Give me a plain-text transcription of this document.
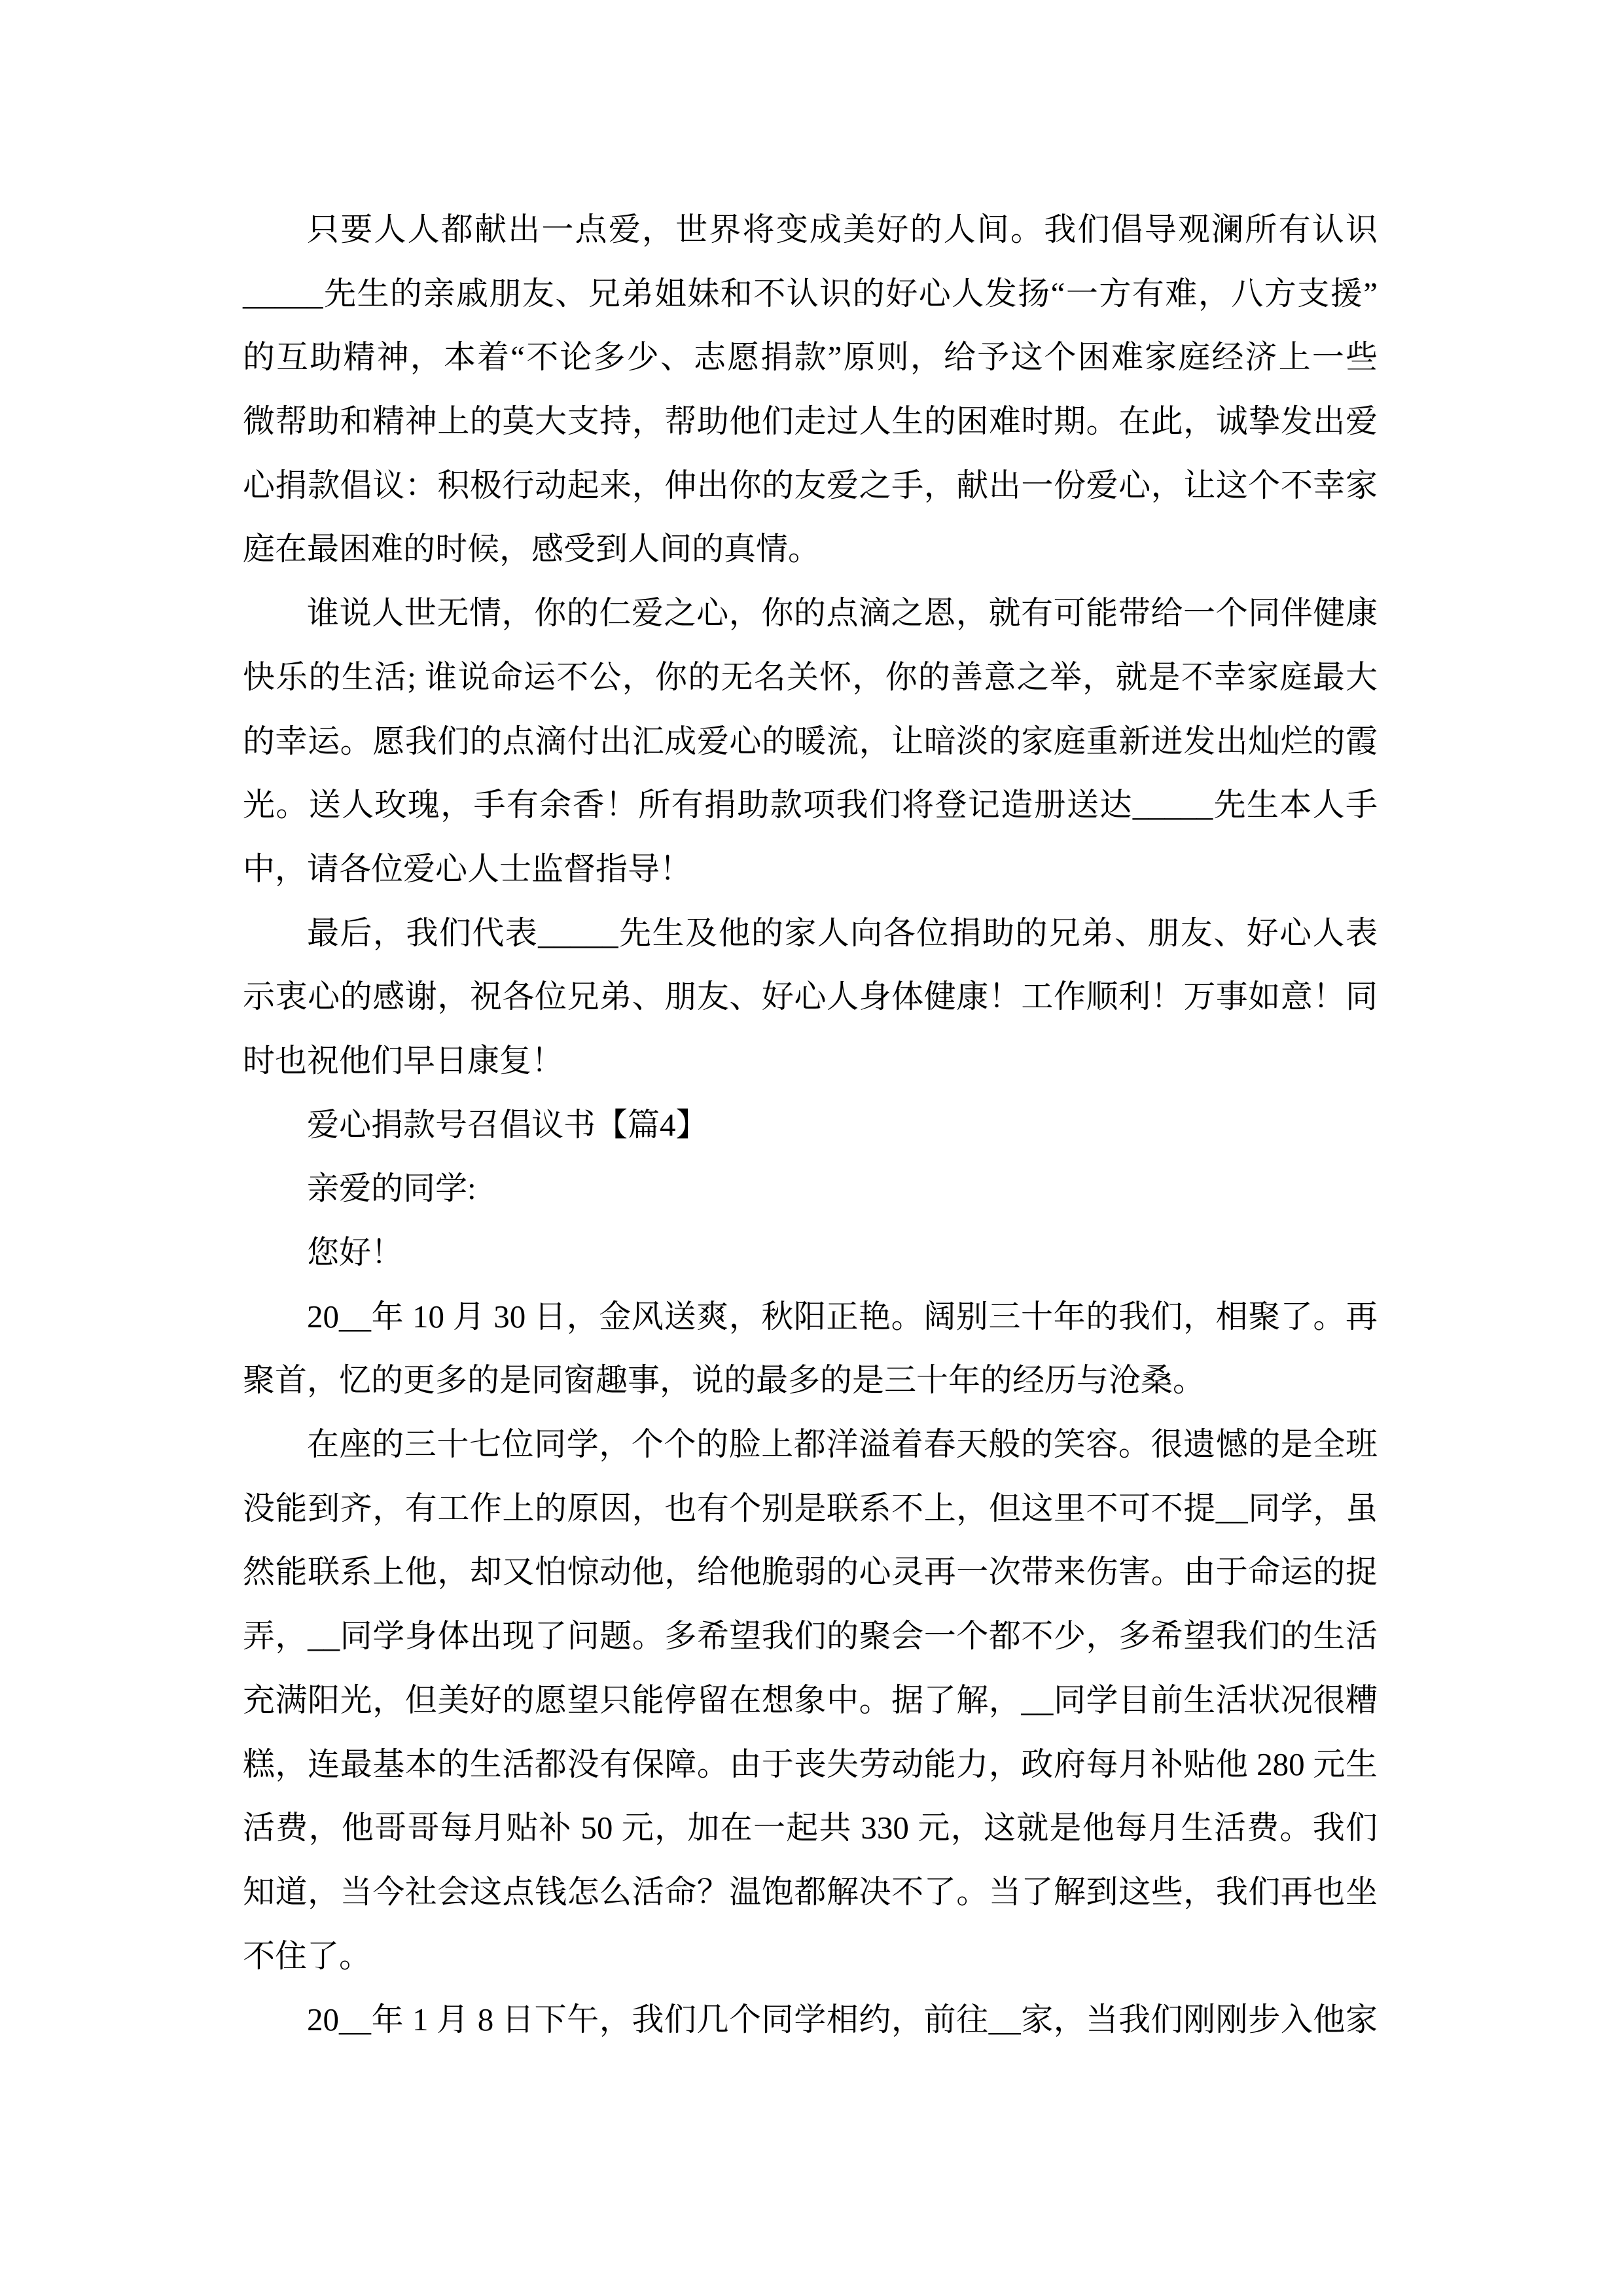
只要人人都献出一点爱，世界将变成美好的人间。我们倡导观澜所有认识
_____先生的亲戚朋友、兄弟姐妹和不认识的好心人发扬“一方有难，八方支援”
的互助精神，本着“不论多少、志愿捐款”原则，给予这个困难家庭经济上一些
微帮助和精神上的莫大支持，帮助他们走过人生的困难时期。在此，诚挚发出爱
心捐款倡议：积极行动起来，伸出你的友爱之手，献出一份爱心，让这个不幸家
庭在最困难的时候，感受到人间的真情。
谁说人世无情，你的仁爱之心，你的点滴之恩，就有可能带给一个同伴健康
快乐的生活; 谁说命运不公，你的无名关怀，你的善意之举，就是不幸家庭最大
的幸运。愿我们的点滴付出汇成爱心的暖流，让暗淡的家庭重新迸发出灿烂的霞
光。送人玫瑰，手有余香！所有捐助款项我们将登记造册送达_____先生本人手
中，请各位爱心人士监督指导！
最后，我们代表_____先生及他的家人向各位捐助的兄弟、朋友、好心人表
示衷心的感谢，祝各位兄弟、朋友、好心人身体健康！工作顺利！万事如意！同
时也祝他们早日康复！
爱心捐款号召倡议书【篇4】
亲爱的同学:
您好！
20__年 10 月 30 日，金风送爽，秋阳正艳。阔别三十年的我们，相聚了。再
聚首，忆的更多的是同窗趣事，说的最多的是三十年的经历与沧桑。
在座的三十七位同学，个个的脸上都洋溢着春天般的笑容。很遗憾的是全班
没能到齐，有工作上的原因，也有个别是联系不上，但这里不可不提__同学，虽
然能联系上他，却又怕惊动他，给他脆弱的心灵再一次带来伤害。由于命运的捉
弄，__同学身体出现了问题。多希望我们的聚会一个都不少，多希望我们的生活
充满阳光，但美好的愿望只能停留在想象中。据了解，__同学目前生活状况很糟
糕，连最基本的生活都没有保障。由于丧失劳动能力，政府每月补贴他 280 元生
活费，他哥哥每月贴补 50 元，加在一起共 330 元，这就是他每月生活费。我们
知道，当今社会这点钱怎么活命？温饱都解决不了。当了解到这些，我们再也坐
不住了。
20__年 1 月 8 日下午，我们几个同学相约，前往__家，当我们刚刚步入他家
